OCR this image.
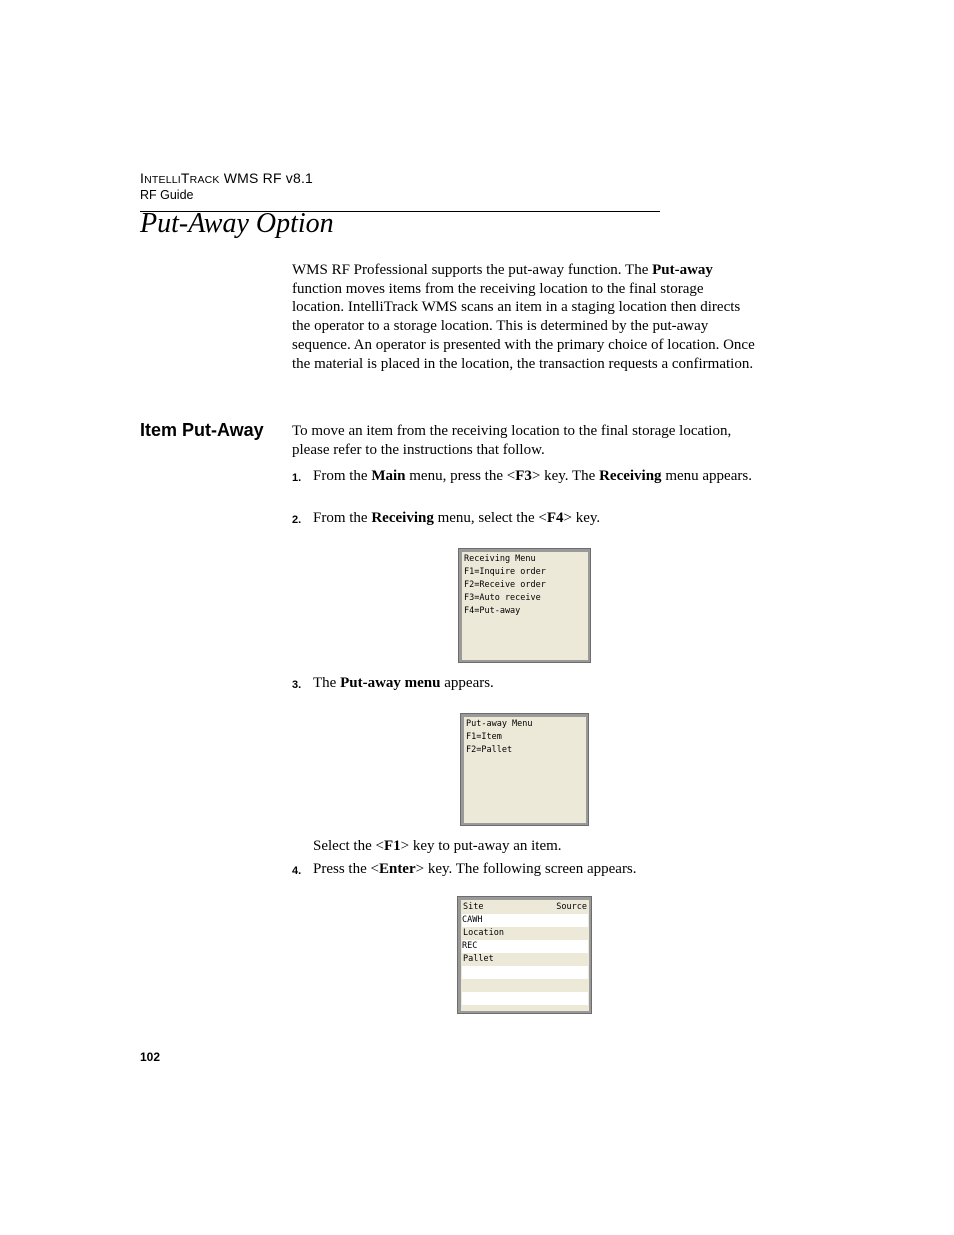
INTELLITRACK WMS RF v8.1
RF Guide
Put-Away Option
WMS RF Professional supports the put-away function. The Put-away function moves items from the receiving location to the final storage location. IntelliTrack WMS scans an item in a staging location then directs the operator to a storage location. This is determined by the put-away sequence. An operator is presented with the primary choice of location. Once the material is placed in the location, the transaction requests a confirmation.
Item Put-Away To move an item from the receiving location to the final storage location, please refer to the instructions that follow.
1. From the Main menu, press the <F3> key. The Receiving menu appears.
2. From the Receiving menu, select the <F4> key.
Receiving Menu
F1=Inquire order
F2=Receive order
F3=Auto receive
F4=Put-away
3. The Put-away menu appears.
Put-away Menu
F1=Item
F2=Pallet
Select the <F1> key to put-away an item.
4. Press the <Enter> key. The following screen appears.
Site	Source
CAWH
Location
REC
Pallet
102
